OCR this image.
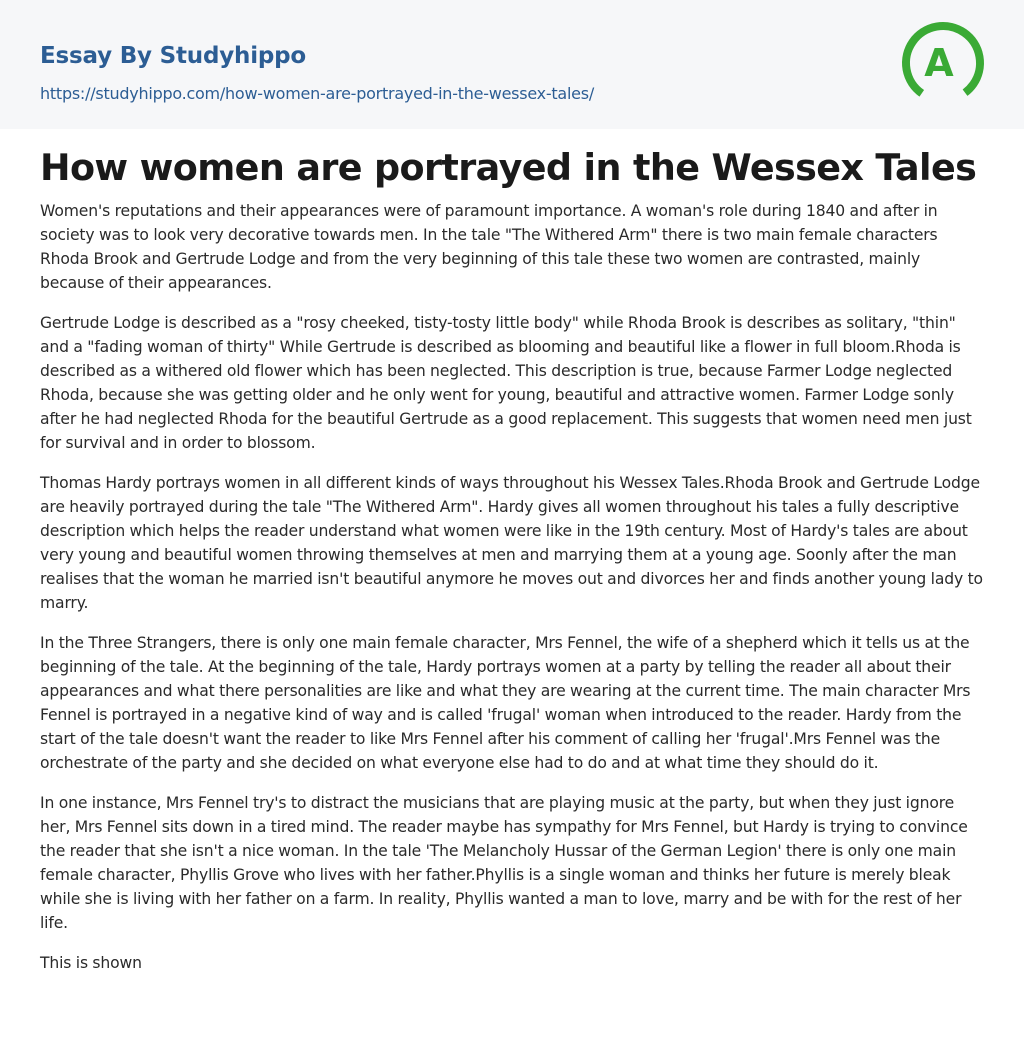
Essay By Studyhippo
https://studyhippo.com/how-women-are-portrayed-in-the-wessex-tales/
A
How women are portrayed in the Wessex Tales

Women's reputations and their appearances were of paramount importance. A woman's role during 1840 and after in society was to look very decorative towards men. In the tale "The Withered Arm" there is two main female characters Rhoda Brook and Gertrude Lodge and from the very beginning of this tale these two women are contrasted, mainly because of their appearances.

Gertrude Lodge is described as a "rosy cheeked, tisty-tosty little body" while Rhoda Brook is describes as solitary, "thin" and a "fading woman of thirty" While Gertrude is described as blooming and beautiful like a flower in full bloom.Rhoda is described as a withered old flower which has been neglected. This description is true, because Farmer Lodge neglected Rhoda, because she was getting older and he only went for young, beautiful and attractive women. Farmer Lodge sonly after he had neglected Rhoda for the beautiful Gertrude as a good replacement. This suggests that women need men just for survival and in order to blossom.

Thomas Hardy portrays women in all different kinds of ways throughout his Wessex Tales.Rhoda Brook and Gertrude Lodge are heavily portrayed during the tale "The Withered Arm". Hardy gives all women throughout his tales a fully descriptive description which helps the reader understand what women were like in the 19th century. Most of Hardy's tales are about very young and beautiful women throwing themselves at men and marrying them at a young age. Soonly after the man realises that the woman he married isn't beautiful anymore he moves out and divorces her and finds another young lady to marry.

In the Three Strangers, there is only one main female character, Mrs Fennel, the wife of a shepherd which it tells us at the beginning of the tale. At the beginning of the tale, Hardy portrays women at a party by telling the reader all about their appearances and what there personalities are like and what they are wearing at the current time. The main character Mrs Fennel is portrayed in a negative kind of way and is called 'frugal' woman when introduced to the reader. Hardy from the start of the tale doesn't want the reader to like Mrs Fennel after his comment of calling her 'frugal'.Mrs Fennel was the orchestrate of the party and she decided on what everyone else had to do and at what time they should do it.

In one instance, Mrs Fennel try's to distract the musicians that are playing music at the party, but when they just ignore her, Mrs Fennel sits down in a tired mind. The reader maybe has sympathy for Mrs Fennel, but Hardy is trying to convince the reader that she isn't a nice woman. In the tale 'The Melancholy Hussar of the German Legion' there is only one main female character, Phyllis Grove who lives with her father.Phyllis is a single woman and thinks her future is merely bleak while she is living with her father on a farm. In reality, Phyllis wanted a man to love, marry and be with for the rest of her life.

This is shown
